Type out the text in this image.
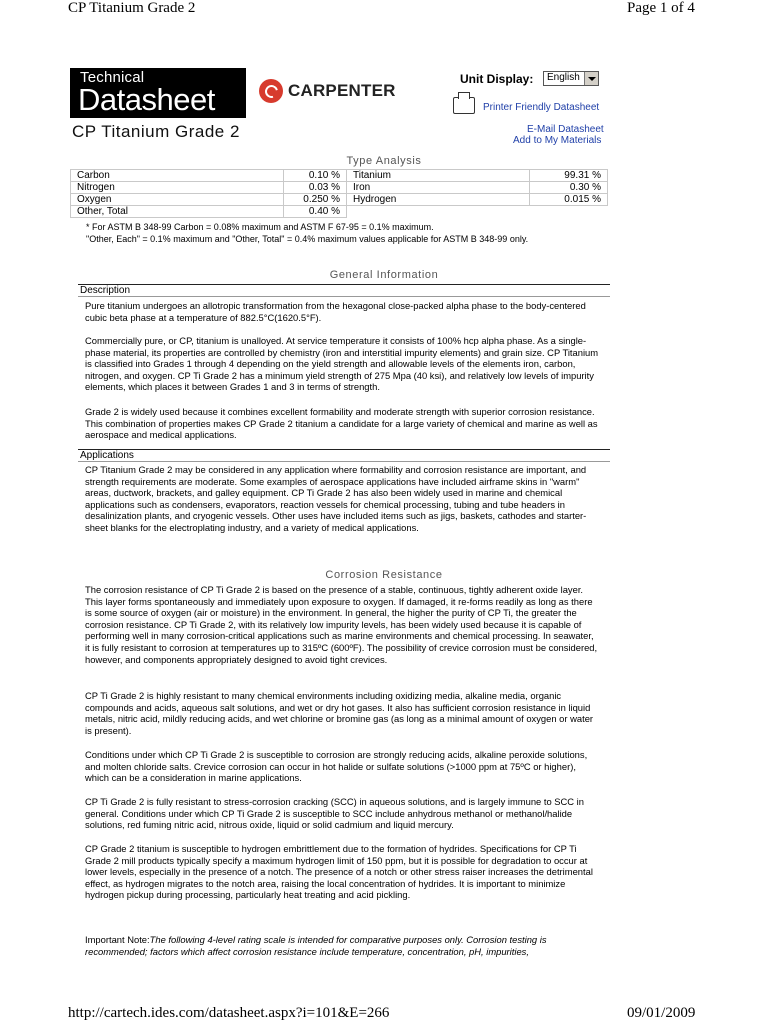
CP Titanium Grade 2	Page 1 of 4
Technical
Datasheet	CARPENTER
Unit Display: English
Printer Friendly Datasheet
E-Mail Datasheet
Add to My Materials
CP Titanium Grade 2
Type Analysis
Carbon	0.10 %	Titanium	99.31 %
Nitrogen	0.03 %	Iron	0.30 %
Oxygen	0.250 %	Hydrogen	0.015 %
Other, Total	0.40 %		
* For ASTM B 348-99 Carbon = 0.08% maximum and ASTM F 67-95 = 0.1% maximum.
"Other, Each" = 0.1% maximum and "Other, Total" = 0.4% maximum values applicable for ASTM B 348-99 only.
General Information
Description
Pure titanium undergoes an allotropic transformation from the hexagonal close-packed alpha phase to the body-centered cubic beta phase at a temperature of 882.5°C(1620.5°F).
Commercially pure, or CP, titanium is unalloyed. At service temperature it consists of 100% hcp alpha phase. As a single-phase material, its properties are controlled by chemistry (iron and interstitial impurity elements) and grain size. CP Titanium is classified into Grades 1 through 4 depending on the yield strength and allowable levels of the elements iron, carbon, nitrogen, and oxygen. CP Ti Grade 2 has a minimum yield strength of 275 Mpa (40 ksi), and relatively low levels of impurity elements, which places it between Grades 1 and 3 in terms of strength.
Grade 2 is widely used because it combines excellent formability and moderate strength with superior corrosion resistance. This combination of properties makes CP Grade 2 titanium a candidate for a large variety of chemical and marine as well as aerospace and medical applications.
Applications
CP Titanium Grade 2 may be considered in any application where formability and corrosion resistance are important, and strength requirements are moderate. Some examples of aerospace applications have included airframe skins in "warm" areas, ductwork, brackets, and galley equipment. CP Ti Grade 2 has also been widely used in marine and chemical applications such as condensers, evaporators, reaction vessels for chemical processing, tubing and tube headers in desalinization plants, and cryogenic vessels. Other uses have included items such as jigs, baskets, cathodes and starter-sheet blanks for the electroplating industry, and a variety of medical applications.
Corrosion Resistance
The corrosion resistance of CP Ti Grade 2 is based on the presence of a stable, continuous, tightly adherent oxide layer. This layer forms spontaneously and immediately upon exposure to oxygen. If damaged, it re-forms readily as long as there is some source of oxygen (air or moisture) in the environment. In general, the higher the purity of CP Ti, the greater the corrosion resistance. CP Ti Grade 2, with its relatively low impurity levels, has been widely used because it is capable of performing well in many corrosion-critical applications such as marine environments and chemical processing. In seawater, it is fully resistant to corrosion at temperatures up to 315ºC (600ºF). The possibility of crevice corrosion must be considered, however, and components appropriately designed to avoid tight crevices.
CP Ti Grade 2 is highly resistant to many chemical environments including oxidizing media, alkaline media, organic compounds and acids, aqueous salt solutions, and wet or dry hot gases. It also has sufficient corrosion resistance in liquid metals, nitric acid, mildly reducing acids, and wet chlorine or bromine gas (as long as a minimal amount of oxygen or water is present).
Conditions under which CP Ti Grade 2 is susceptible to corrosion are strongly reducing acids, alkaline peroxide solutions, and molten chloride salts. Crevice corrosion can occur in hot halide or sulfate solutions (>1000 ppm at 75ºC or higher), which can be a consideration in marine applications.
CP Ti Grade 2 is fully resistant to stress-corrosion cracking (SCC) in aqueous solutions, and is largely immune to SCC in general. Conditions under which CP Ti Grade 2 is susceptible to SCC include anhydrous methanol or methanol/halide solutions, red fuming nitric acid, nitrous oxide, liquid or solid cadmium and liquid mercury.
CP Grade 2 titanium is susceptible to hydrogen embrittlement due to the formation of hydrides. Specifications for CP Ti Grade 2 mill products typically specify a maximum hydrogen limit of 150 ppm, but it is possible for degradation to occur at lower levels, especially in the presence of a notch. The presence of a notch or other stress raiser increases the detrimental effect, as hydrogen migrates to the notch area, raising the local concentration of hydrides. It is important to minimize hydrogen pickup during processing, particularly heat treating and acid pickling.
Important Note:The following 4-level rating scale is intended for comparative purposes only. Corrosion testing is recommended; factors which affect corrosion resistance include temperature, concentration, pH, impurities,
http://cartech.ides.com/datasheet.aspx?i=101&E=266	09/01/2009
